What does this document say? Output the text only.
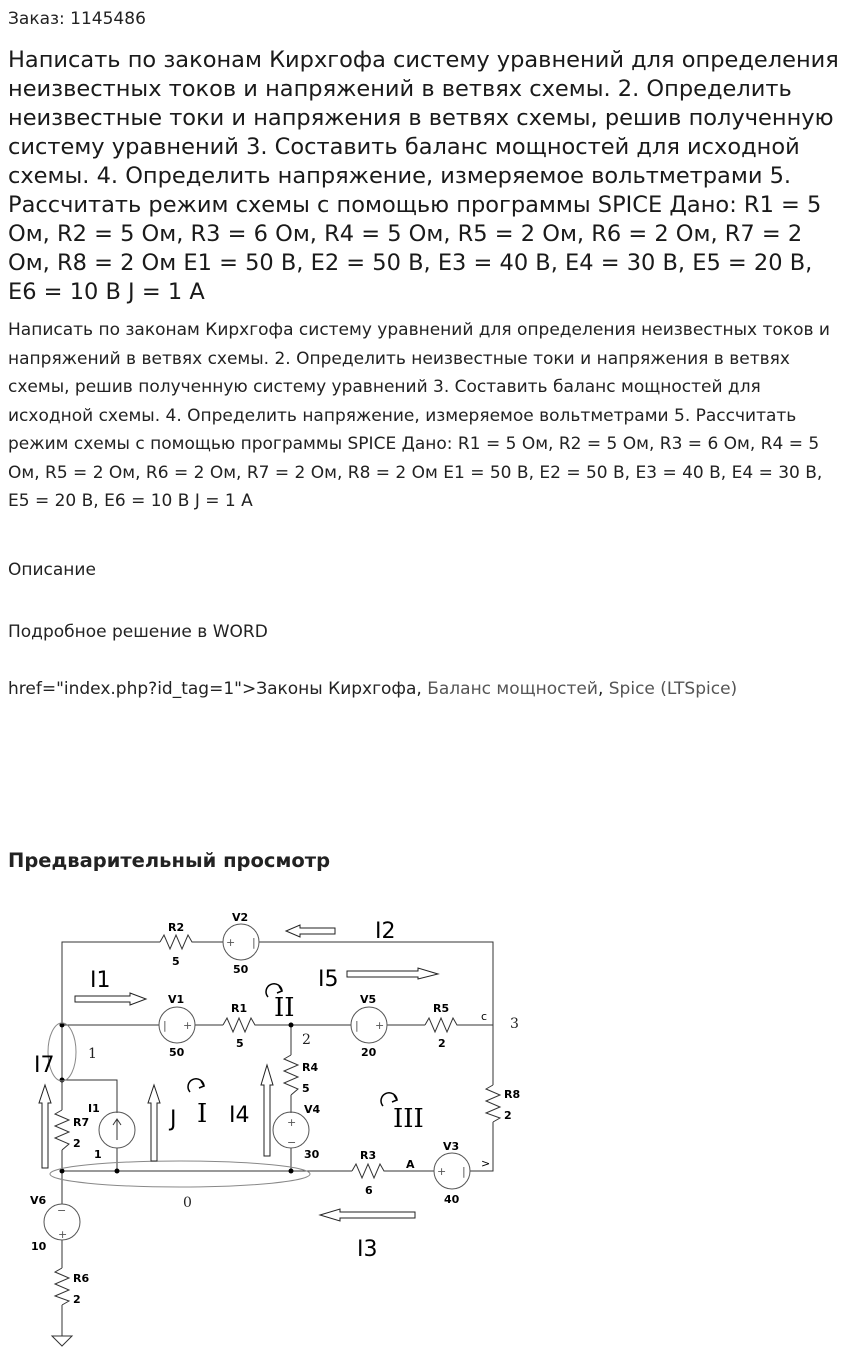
Заказ: 1145486
Написать по законам Кирхгофа систему уравнений для определения неизвестных токов и напряжений в ветвях схемы. 2. Определить неизвестные токи и напряжения в ветвях схемы, решив полученную систему уравнений 3. Составить баланс мощностей для исходной схемы. 4. Определить напряжение, измеряемое вольтметрами 5. Рассчитать режим схемы с помощью программы SPICE Дано: R1 = 5 Ом, R2 = 5 Ом, R3 = 6 Ом, R4 = 5 Ом, R5 = 2 Ом, R6 = 2 Ом, R7 = 2 Ом, R8 = 2 Ом E1 = 50 В, E2 = 50 В, E3 = 40 В, E4 = 30 В, E5 = 20 В, E6 = 10 В J = 1 А
Написать по законам Кирхгофа систему уравнений для определения неизвестных токов и напряжений в ветвях схемы. 2. Определить неизвестные токи и напряжения в ветвях схемы, решив полученную систему уравнений 3. Составить баланс мощностей для исходной схемы. 4. Определить напряжение, измеряемое вольтметрами 5. Рассчитать режим схемы с помощью программы SPICE Дано: R1 = 5 Ом, R2 = 5 Ом, R3 = 6 Ом, R4 = 5 Ом, R5 = 2 Ом, R6 = 2 Ом, R7 = 2 Ом, R8 = 2 Ом E1 = 50 В, E2 = 50 В, E3 = 40 В, E4 = 30 В, E5 = 20 В, E6 = 10 В J = 1 А
Описание
Подробное решение в WORD
href="index.php?id_tag=1">Законы Кирхгофа, Баланс мощностей, Spice (LTSpice)
Предварительный просмотр
R2
5
R1
5
R5
2
R4
5	R8
2
R7
2
R3
6
R6
2
+ |
V2
50
| +
V1
50
| +
V5
20
+
−
V4
30
+ |
V3
40
−
+
V6
10
I1
1
1
2
3
0
A	>
c
I1
I2
I5
I3
I7
J I4
II
I	III
